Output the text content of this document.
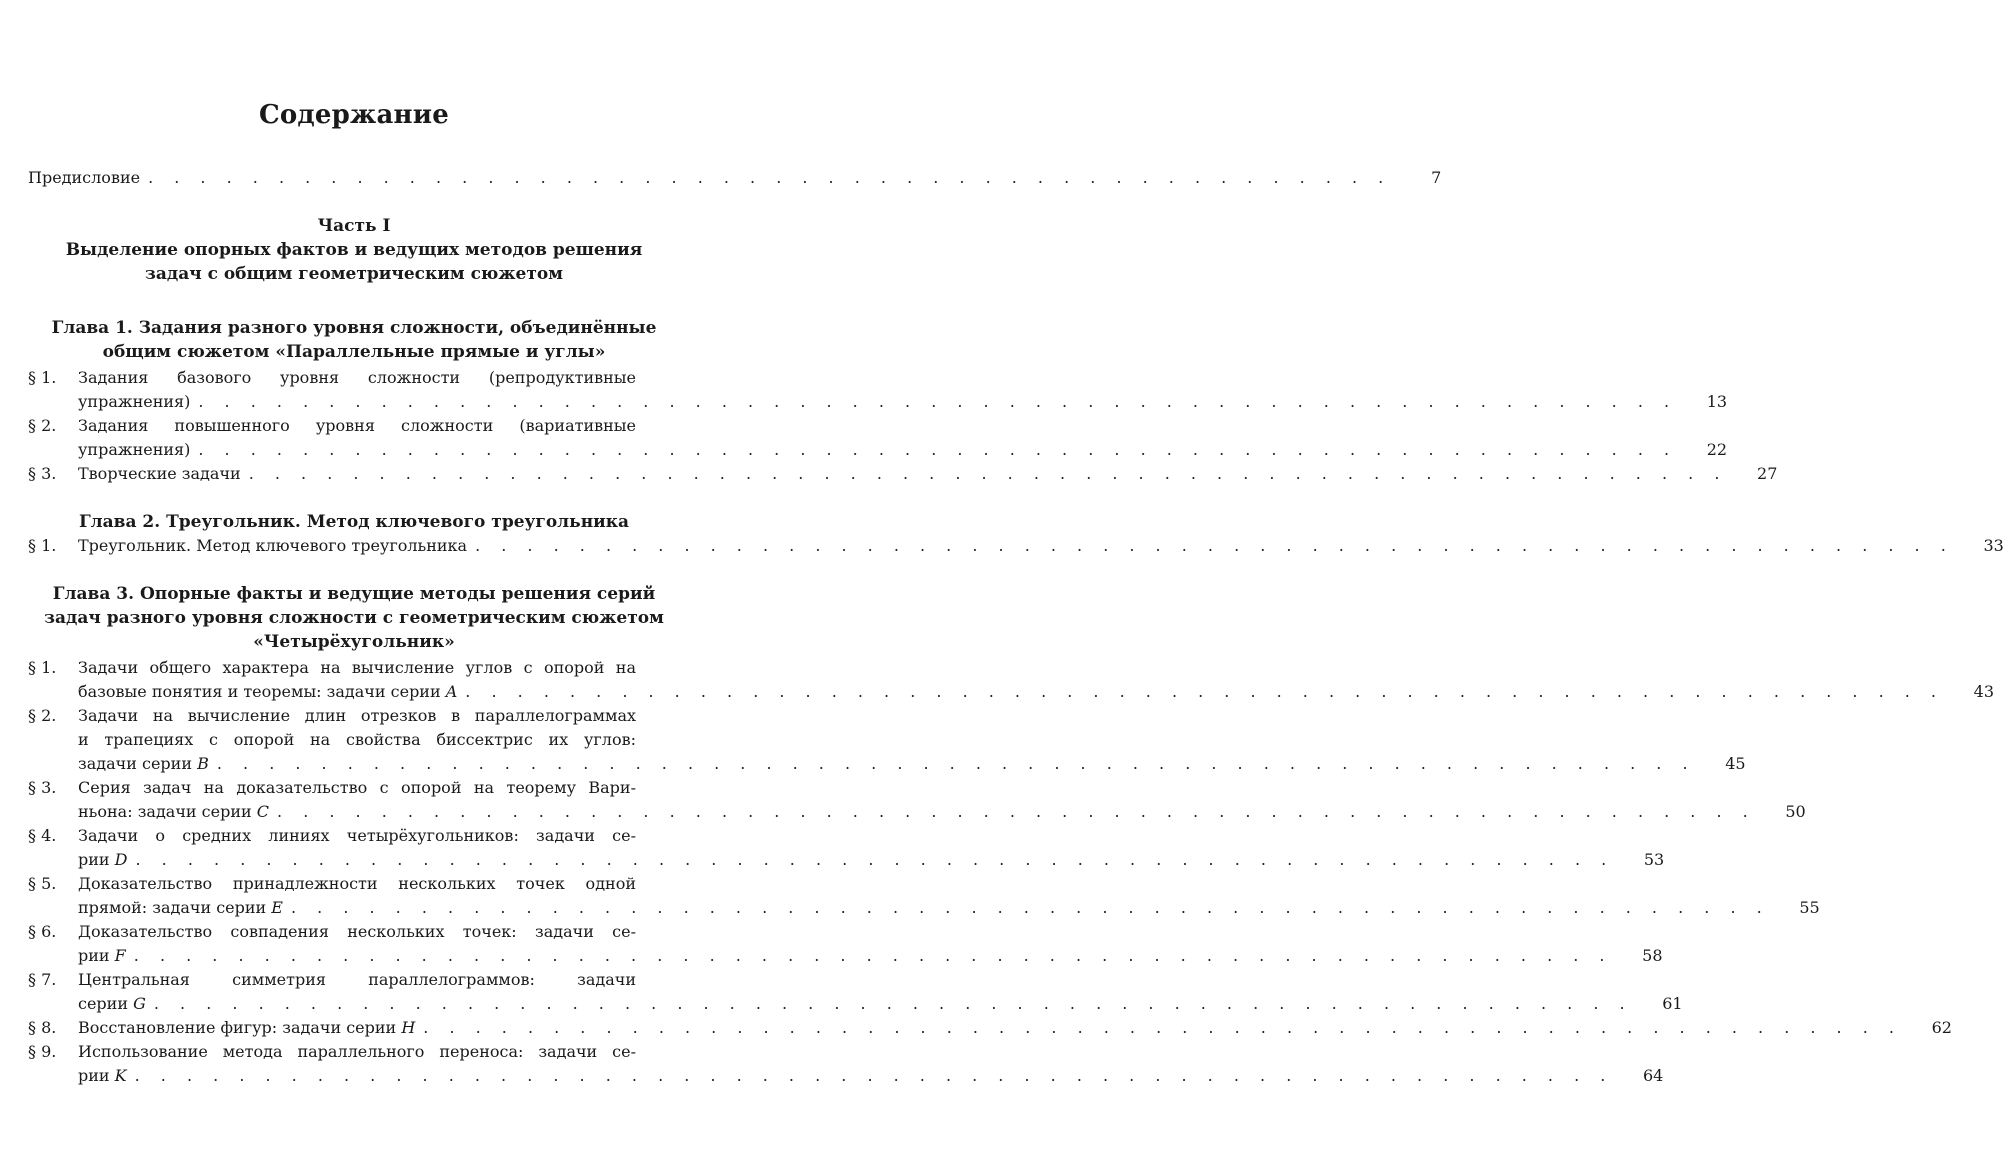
Содержание
Предисловие . . . . . . . . . . . . . . . . . . . . . . . . . . . . . . . . . . . . . . . . . . . . . . . .	7
Часть I
Выделение опорных фактов и ведущих методов решения
задач с общим геометрическим сюжетом
Глава 1. Задания разного уровня сложности, объединённые
общим сюжетом «Параллельные прямые и углы»
§ 1.	Задания базового уровня сложности (репродуктивные
упражнения) . . . . . . . . . . . . . . . . . . . . . . . . . . . . . . . . . . . . . . . . . . . . . . . . . . . . . . . . .	13
§ 2.	Задания повышенного уровня сложности (вариативные
упражнения) . . . . . . . . . . . . . . . . . . . . . . . . . . . . . . . . . . . . . . . . . . . . . . . . . . . . . . . . .	22
§ 3.	Творческие задачи . . . . . . . . . . . . . . . . . . . . . . . . . . . . . . . . . . . . . . . . . . . . . . . . . . . . . . . . .	27
Глава 2. Треугольник. Метод ключевого треугольника
§ 1.	Треугольник. Метод ключевого треугольника . . . . . . . . . . . . . . . . . . . . . . . . . . . . . . . . . . . . . . . . . . . . . . . . . . . . . . . . .	33
Глава 3. Опорные факты и ведущие методы решения серий
задач разного уровня сложности с геометрическим сюжетом
«Четырёхугольник»
§ 1.	Задачи общего характера на вычисление углов с опорой на
базовые понятия и теоремы: задачи серии A . . . . . . . . . . . . . . . . . . . . . . . . . . . . . . . . . . . . . . . . . . . . . . . . . . . . . . . . .	43
§ 2.	Задачи на вычисление длин отрезков в параллелограммах
и трапециях с опорой на свойства биссектрис их углов:
задачи серии B . . . . . . . . . . . . . . . . . . . . . . . . . . . . . . . . . . . . . . . . . . . . . . . . . . . . . . . . .	45
§ 3.	Серия задач на доказательство с опорой на теорему Вари-
ньона: задачи серии C . . . . . . . . . . . . . . . . . . . . . . . . . . . . . . . . . . . . . . . . . . . . . . . . . . . . . . . . .	50
§ 4.	Задачи о средних линиях четырёхугольников: задачи се-
рии D . . . . . . . . . . . . . . . . . . . . . . . . . . . . . . . . . . . . . . . . . . . . . . . . . . . . . . . . .	53
§ 5.	Доказательство принадлежности нескольких точек одной
прямой: задачи серии E . . . . . . . . . . . . . . . . . . . . . . . . . . . . . . . . . . . . . . . . . . . . . . . . . . . . . . . . .	55
§ 6.	Доказательство совпадения нескольких точек: задачи се-
рии F . . . . . . . . . . . . . . . . . . . . . . . . . . . . . . . . . . . . . . . . . . . . . . . . . . . . . . . . .	58
§ 7.	Центральная симметрия параллелограммов: задачи
серии G . . . . . . . . . . . . . . . . . . . . . . . . . . . . . . . . . . . . . . . . . . . . . . . . . . . . . . . . .	61
§ 8.	Восстановление фигур: задачи серии H . . . . . . . . . . . . . . . . . . . . . . . . . . . . . . . . . . . . . . . . . . . . . . . . . . . . . . . . .	62
§ 9.	Использование метода параллельного переноса: задачи се-
рии K . . . . . . . . . . . . . . . . . . . . . . . . . . . . . . . . . . . . . . . . . . . . . . . . . . . . . . . . .	64
